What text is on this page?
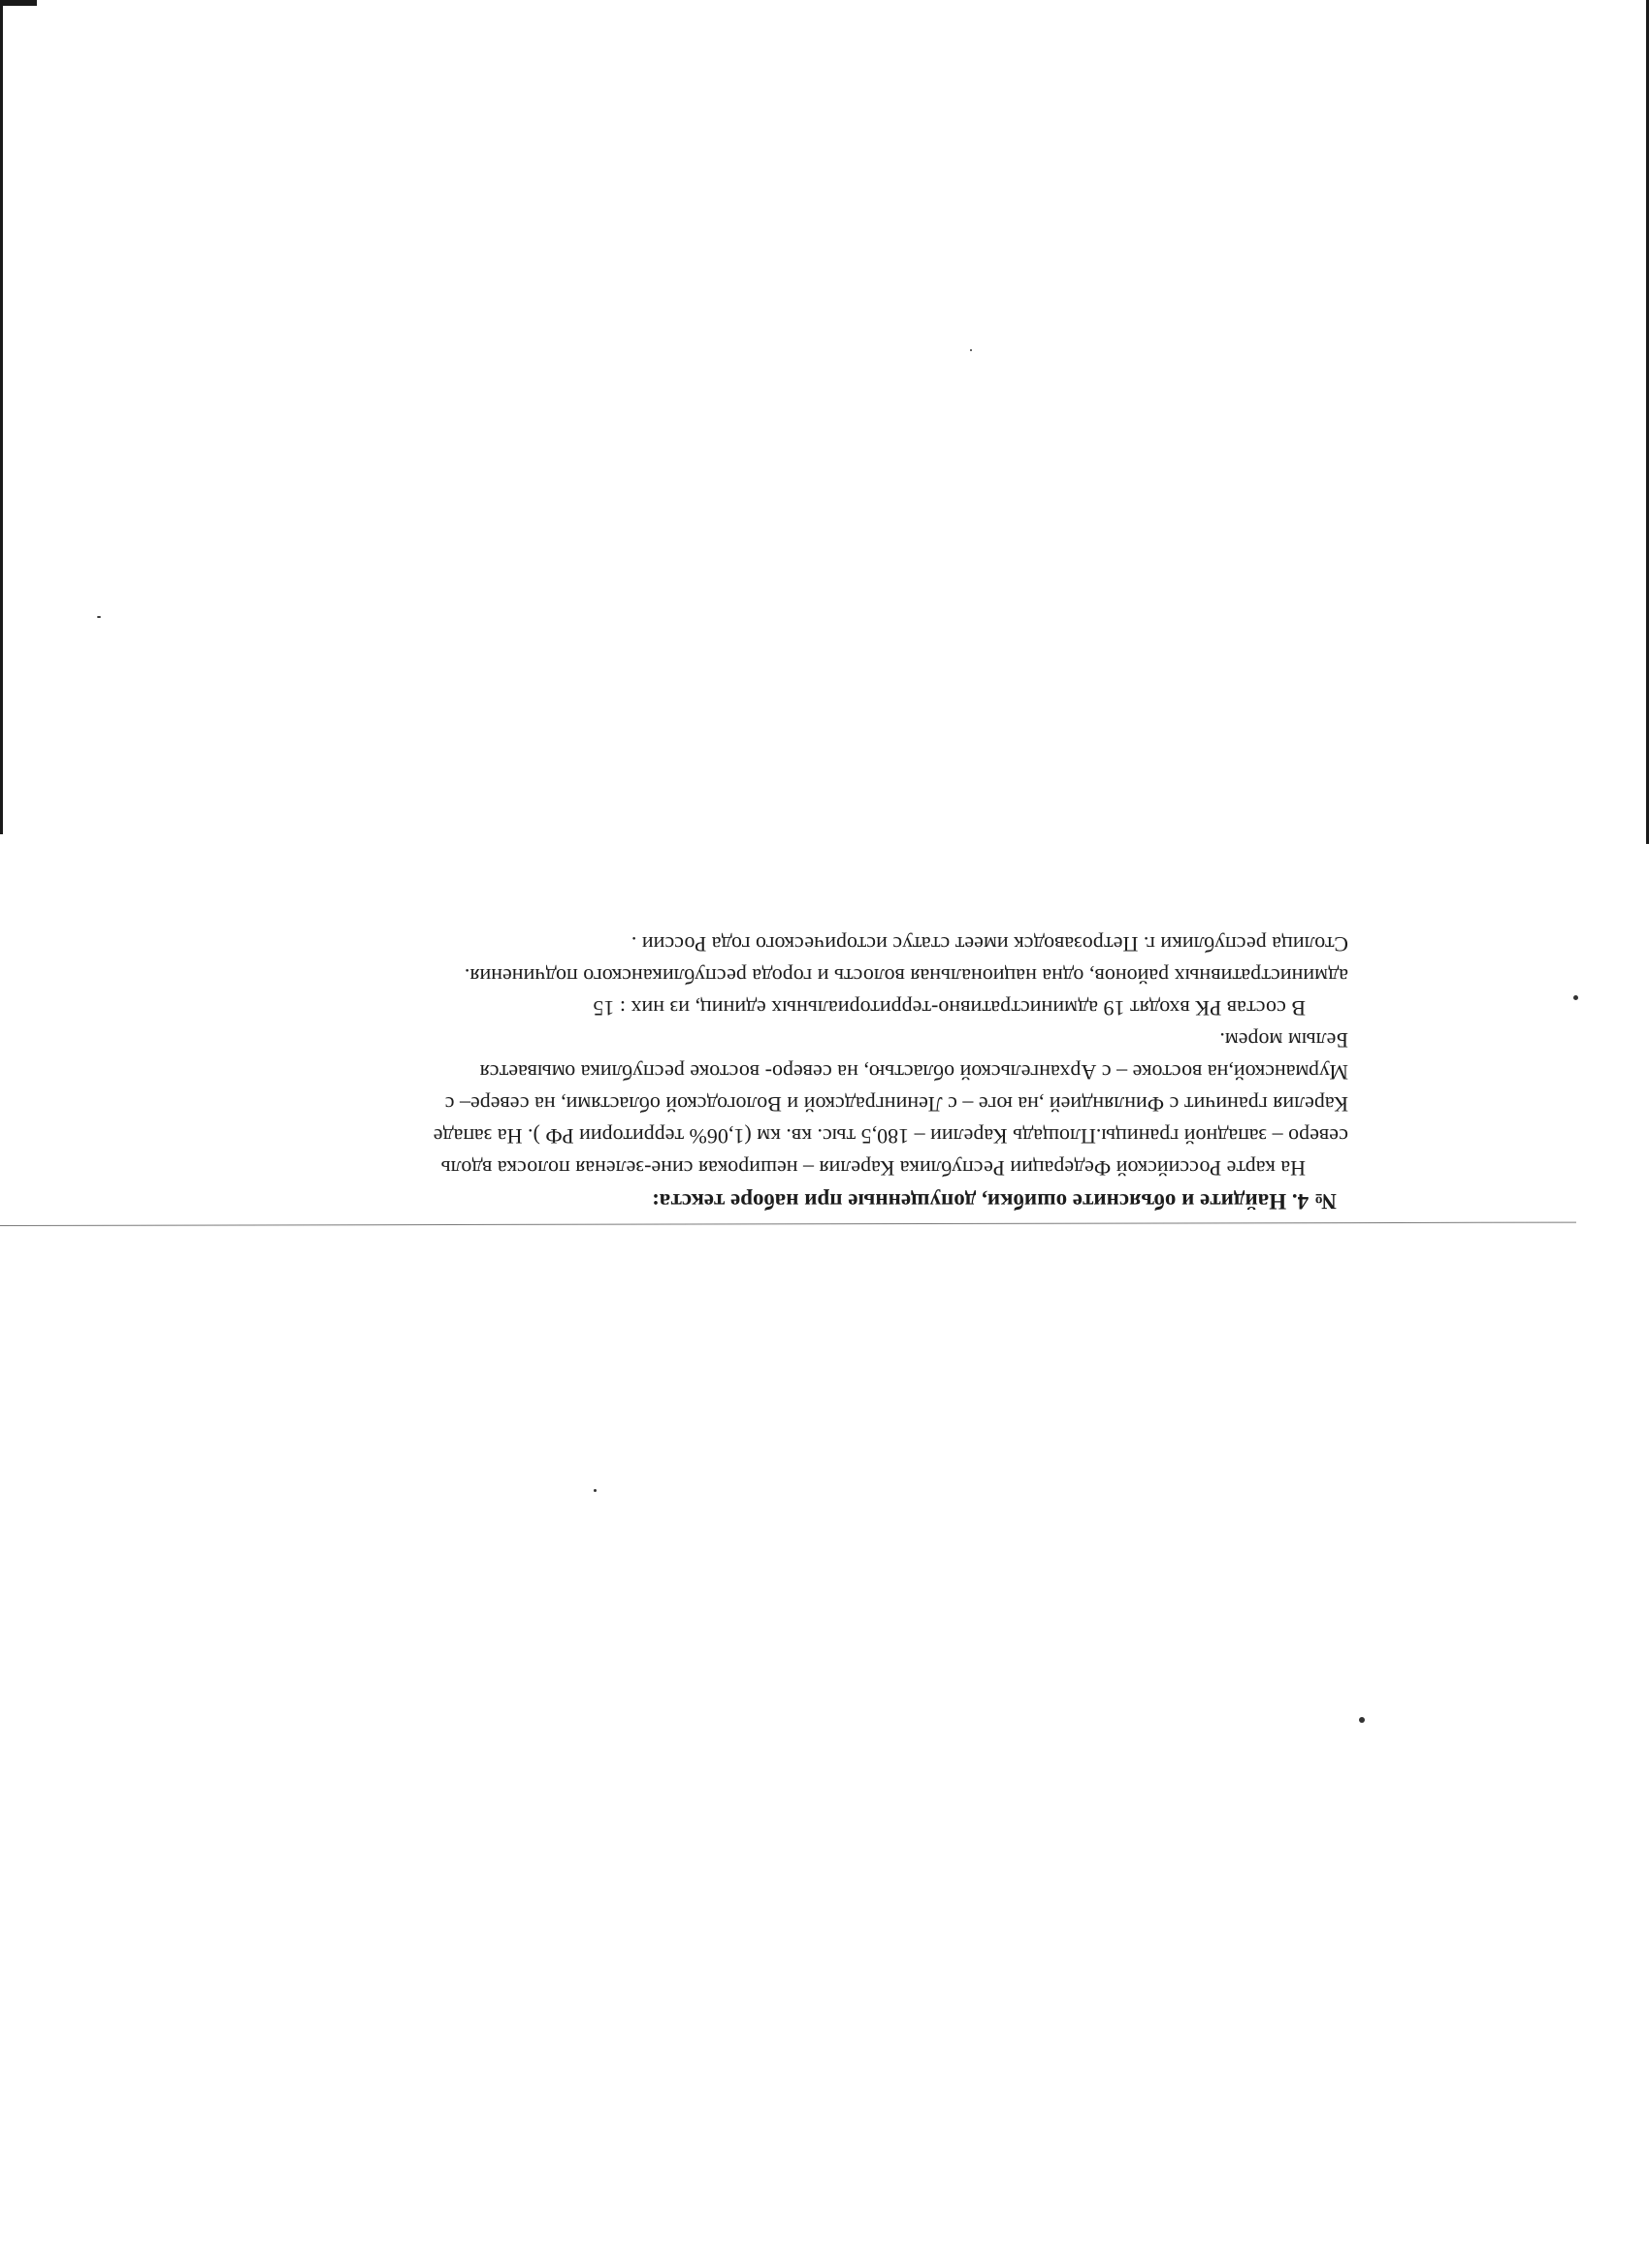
№ 4. Найдите и объясните ошибки, допущенные при наборе текста:

На карте Российской Федерации Республика Карелия – неширокая сине-зеленая полоска вдоль

северо – западной границы.Площадь Карелии – 180,5 тыс. кв. км (1,06% территории РФ ). На западе

Карелия граничит с Финляндией ,на юге – с Ленинградской и Вологодской областями, на севере– с

Мурманской,на востоке – с Архангельской областью, на северо- востоке республика омывается

Белым морем.

В состав РК входят 19 административно-территориальных единиц, из них : 15

административных районов, одна национальная волость и города республиканского подчинения.

Столица республики г. Петрозаводск имеет статус исторического года России .
